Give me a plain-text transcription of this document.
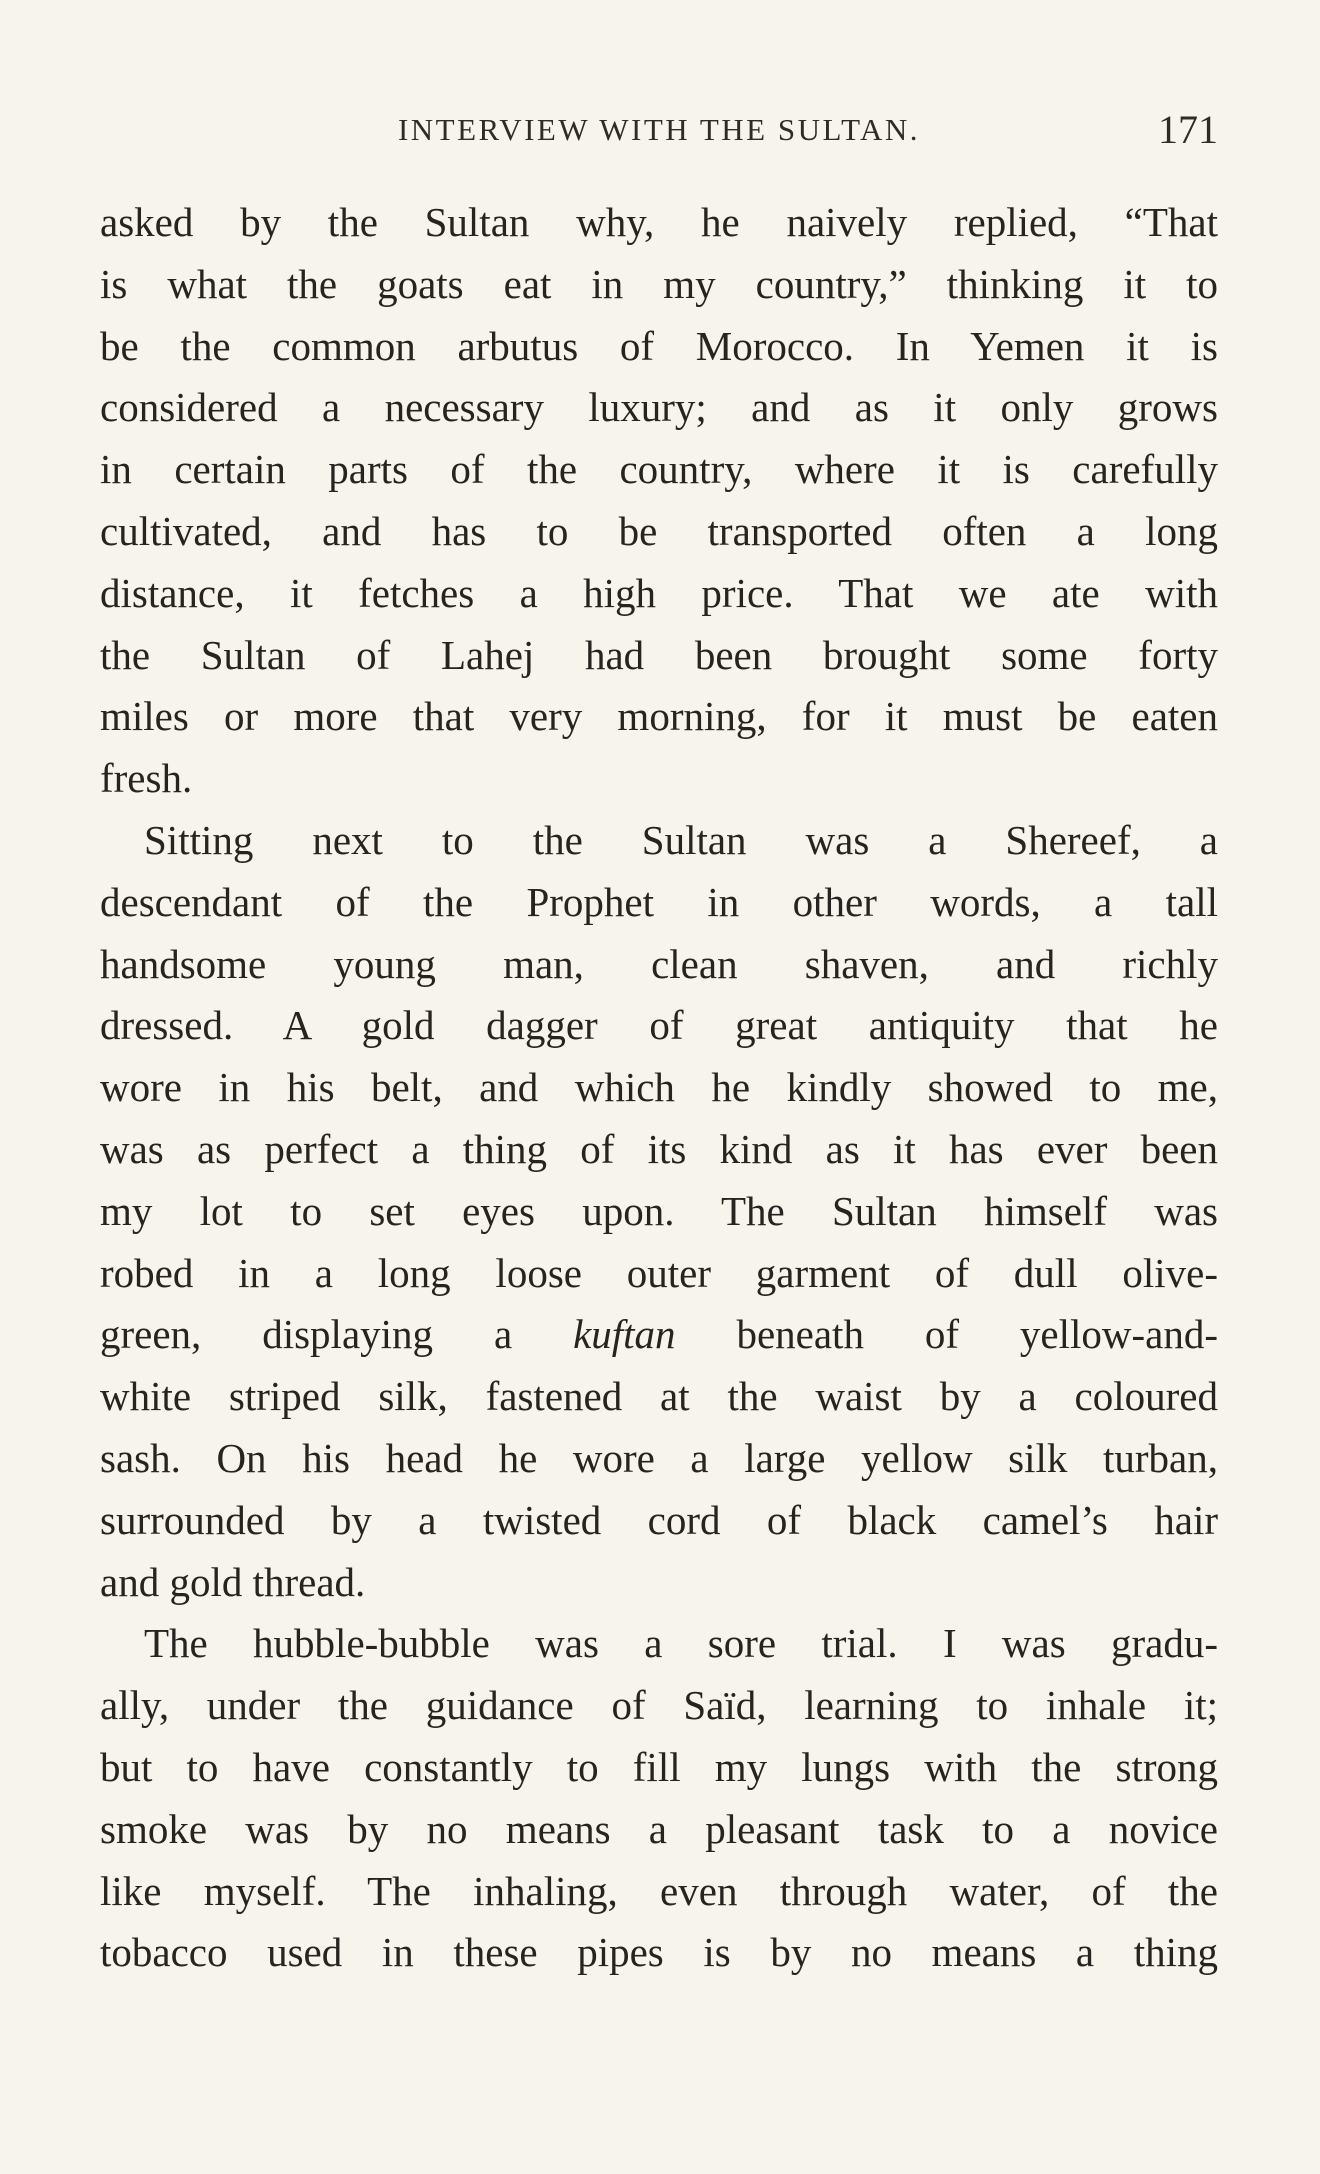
INTERVIEW WITH THE SULTAN.	171

asked by the Sultan why, he naively replied, “That
is what the goats eat in my country,” thinking it to
be the common arbutus of Morocco. In Yemen it is
considered a necessary luxury; and as it only grows
in certain parts of the country, where it is carefully
cultivated, and has to be transported often a long
distance, it fetches a high price. That we ate with
the Sultan of Lahej had been brought some forty
miles or more that very morning, for it must be eaten
fresh.

Sitting next to the Sultan was a Shereef, a
descendant of the Prophet in other words, a tall
handsome young man, clean shaven, and richly
dressed. A gold dagger of great antiquity that he
wore in his belt, and which he kindly showed to me,
was as perfect a thing of its kind as it has ever been
my lot to set eyes upon. The Sultan himself was
robed in a long loose outer garment of dull olive-
green, displaying a kuftan beneath of yellow-and-
white striped silk, fastened at the waist by a coloured
sash. On his head he wore a large yellow silk turban,
surrounded by a twisted cord of black camel’s hair
and gold thread.

The hubble-bubble was a sore trial. I was gradu-
ally, under the guidance of Saïd, learning to inhale it;
but to have constantly to fill my lungs with the strong
smoke was by no means a pleasant task to a novice
like myself. The inhaling, even through water, of the
tobacco used in these pipes is by no means a thing
